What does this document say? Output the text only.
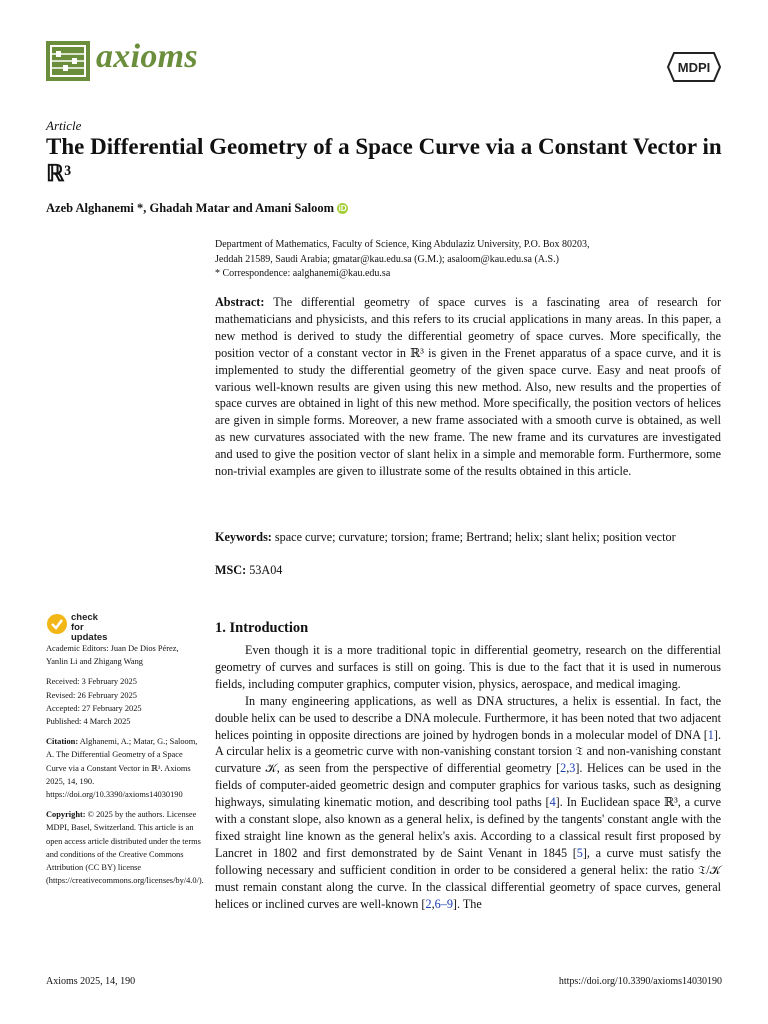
axioms	MDPI
Article
The Differential Geometry of a Space Curve via a Constant Vector in ℝ³
Azeb Alghanemi *, Ghadah Matar and Amani Saloom iD
Department of Mathematics, Faculty of Science, King Abdulaziz University, P.O. Box 80203,
Jeddah 21589, Saudi Arabia; gmatar@kau.edu.sa (G.M.); asaloom@kau.edu.sa (A.S.)
* Correspondence: aalghanemi@kau.edu.sa
Abstract: The differential geometry of space curves is a fascinating area of research for mathematicians and physicists, and this refers to its crucial applications in many areas. In this paper, a new method is derived to study the differential geometry of space curves. More specifically, the position vector of a constant vector in ℝ³ is given in the Frenet apparatus of a space curve, and it is implemented to study the differential geometry of the given space curve. Easy and neat proofs of various well-known results are given using this new method. Also, new results and the properties of space curves are obtained in light of this new method. More specifically, the position vectors of helices are given in simple forms. Moreover, a new frame associated with a smooth curve is obtained, as well as new curvatures associated with the new frame. The new frame and its curvatures are investigated and used to give the position vector of slant helix in a simple and memorable form. Furthermore, some non-trivial examples are given to illustrate some of the results obtained in this article.
Keywords: space curve; curvature; torsion; frame; Bertrand; helix; slant helix; position vector
MSC: 53A04
check for
updates

Academic Editors: Juan De Dios Pérez, Yanlin Li and Zhigang Wang

Received: 3 February 2025

Revised: 26 February 2025

Accepted: 27 February 2025

Published: 4 March 2025

Citation: Alghanemi, A.; Matar, G.; Saloom, A. The Differential Geometry of a Space Curve via a Constant Vector in ℝ³. Axioms 2025, 14, 190. https://doi.org/10.3390/axioms14030190

Copyright: © 2025 by the authors. Licensee MDPI, Basel, Switzerland. This article is an open access article distributed under the terms and conditions of the Creative Commons Attribution (CC BY) license (https://creativecommons.org/licenses/by/4.0/).

1. Introduction

Even though it is a more traditional topic in differential geometry, research on the differential geometry of curves and surfaces is still on going. This is due to the fact that it is used in numerous fields, including computer graphics, computer vision, physics, aerospace, and medical imaging.

In many engineering applications, as well as DNA structures, a helix is essential. In fact, the double helix can be used to describe a DNA molecule. Furthermore, it has been noted that two adjacent helices pointing in opposite directions are joined by hydrogen bonds in a molecular model of DNA [1]. A circular helix is a geometric curve with non-vanishing constant torsion 𝔗 and non-vanishing constant curvature 𝒦, as seen from the perspective of differential geometry [2,3]. Helices can be used in the fields of computer-aided geometric design and computer graphics for various tasks, such as designing highways, simulating kinematic motion, and describing tool paths [4]. In Euclidean space ℝ³, a curve with a constant slope, also known as a general helix, is defined by the tangents' constant angle with the fixed straight line known as the general helix's axis. According to a classical result first proposed by Lancret in 1802 and first demonstrated by de Saint Venant in 1845 [5], a curve must satisfy the following necessary and sufficient condition in order to be considered a general helix: the ratio 𝔗/𝒦 must remain constant along the curve. In the classical differential geometry of space curves, general helices or inclined curves are well-known [2,6–9]. The

Axioms 2025, 14, 190	https://doi.org/10.3390/axioms14030190
